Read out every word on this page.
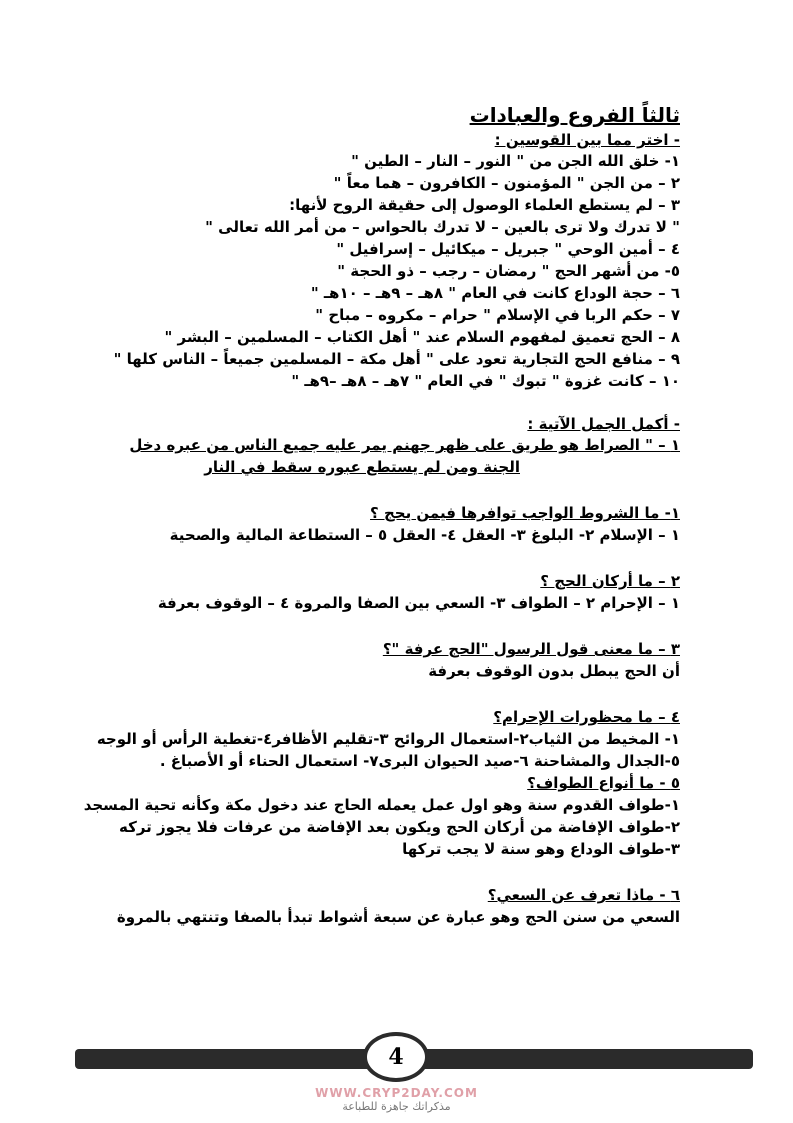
ثالثاً الفروع والعبادات
- اختر مما بين القوسين :
١- خلق الله الجن من " النور – النار – الطين "
٢ – من الجن " المؤمنون – الكافرون – هما معاً "
٣ – لم يستطع العلماء الوصول إلى حقيقة الروح لأنها:
" لا تدرك ولا ترى بالعين – لا تدرك بالحواس – من أمر الله تعالى "
٤ – أمين الوحي " جبريل – ميكائيل – إسرافيل "
٥- من أشهر الحج " رمضان – رجب – ذو الحجة "
٦ – حجة الوداع كانت في العام " ٨هـ – ٩هـ – ١٠هـ "
٧ – حكم الربا في الإسلام " حرام – مكروه – مباح "
٨ – الحج تعميق لمفهوم السلام عند " أهل الكتاب – المسلمين – البشر "
٩ – منافع الحج التجارية تعود على " أهل مكة – المسلمين جميعاً – الناس كلها "
١٠ – كانت غزوة " تبوك " في العام " ٧هـ – ٨هـ –٩هـ "
- أكمل الجمل الآتية :
١ – " الصراط هو طريق على ظهر جهنم يمر عليه جميع الناس من عبره دخل
الجنة ومن لم يستطع عبوره سقط في النار
١- ما الشروط الواجب توافرها فيمن يحج ؟
١ – الإسلام ٢- البلوغ ٣- العقل ٤- العقل ٥ – الستطاعة المالية والصحية
٢ – ما أركان الحج ؟
١ – الإحرام ٢ – الطواف ٣- السعي بين الصفا والمروة ٤ – الوقوف بعرفة
٣ – ما معنى قول الرسول "الحج عرفة "؟
أن الحج يبطل بدون الوقوف بعرفة
٤ – ما محظورات الإحرام؟
١- المخيط من الثياب٢-استعمال الروائح ٣-تقليم الأظافر٤-تغطية الرأس أو الوجه
٥-الجدال والمشاحنة ٦-صيد الحيوان البرى٧- استعمال الحناء أو الأصباغ .
٥ - ما أنواع الطواف؟
١-طواف القدوم سنة وهو اول عمل يعمله الحاج عند دخول مكة وكأنه تحية المسجد
٢-طواف الإفاضة من أركان الحج ويكون بعد الإفاضة من عرفات فلا يجوز تركه
٣-طواف الوداع وهو سنة لا يجب تركها
٦ - ماذا تعرف عن السعي؟
السعي من سنن الحج وهو عبارة عن سبعة أشواط تبدأ بالصفا وتنتهي بالمروة
4
WWW.CRYP2DAY.COM
مذكراتك جاهزة للطباعة
